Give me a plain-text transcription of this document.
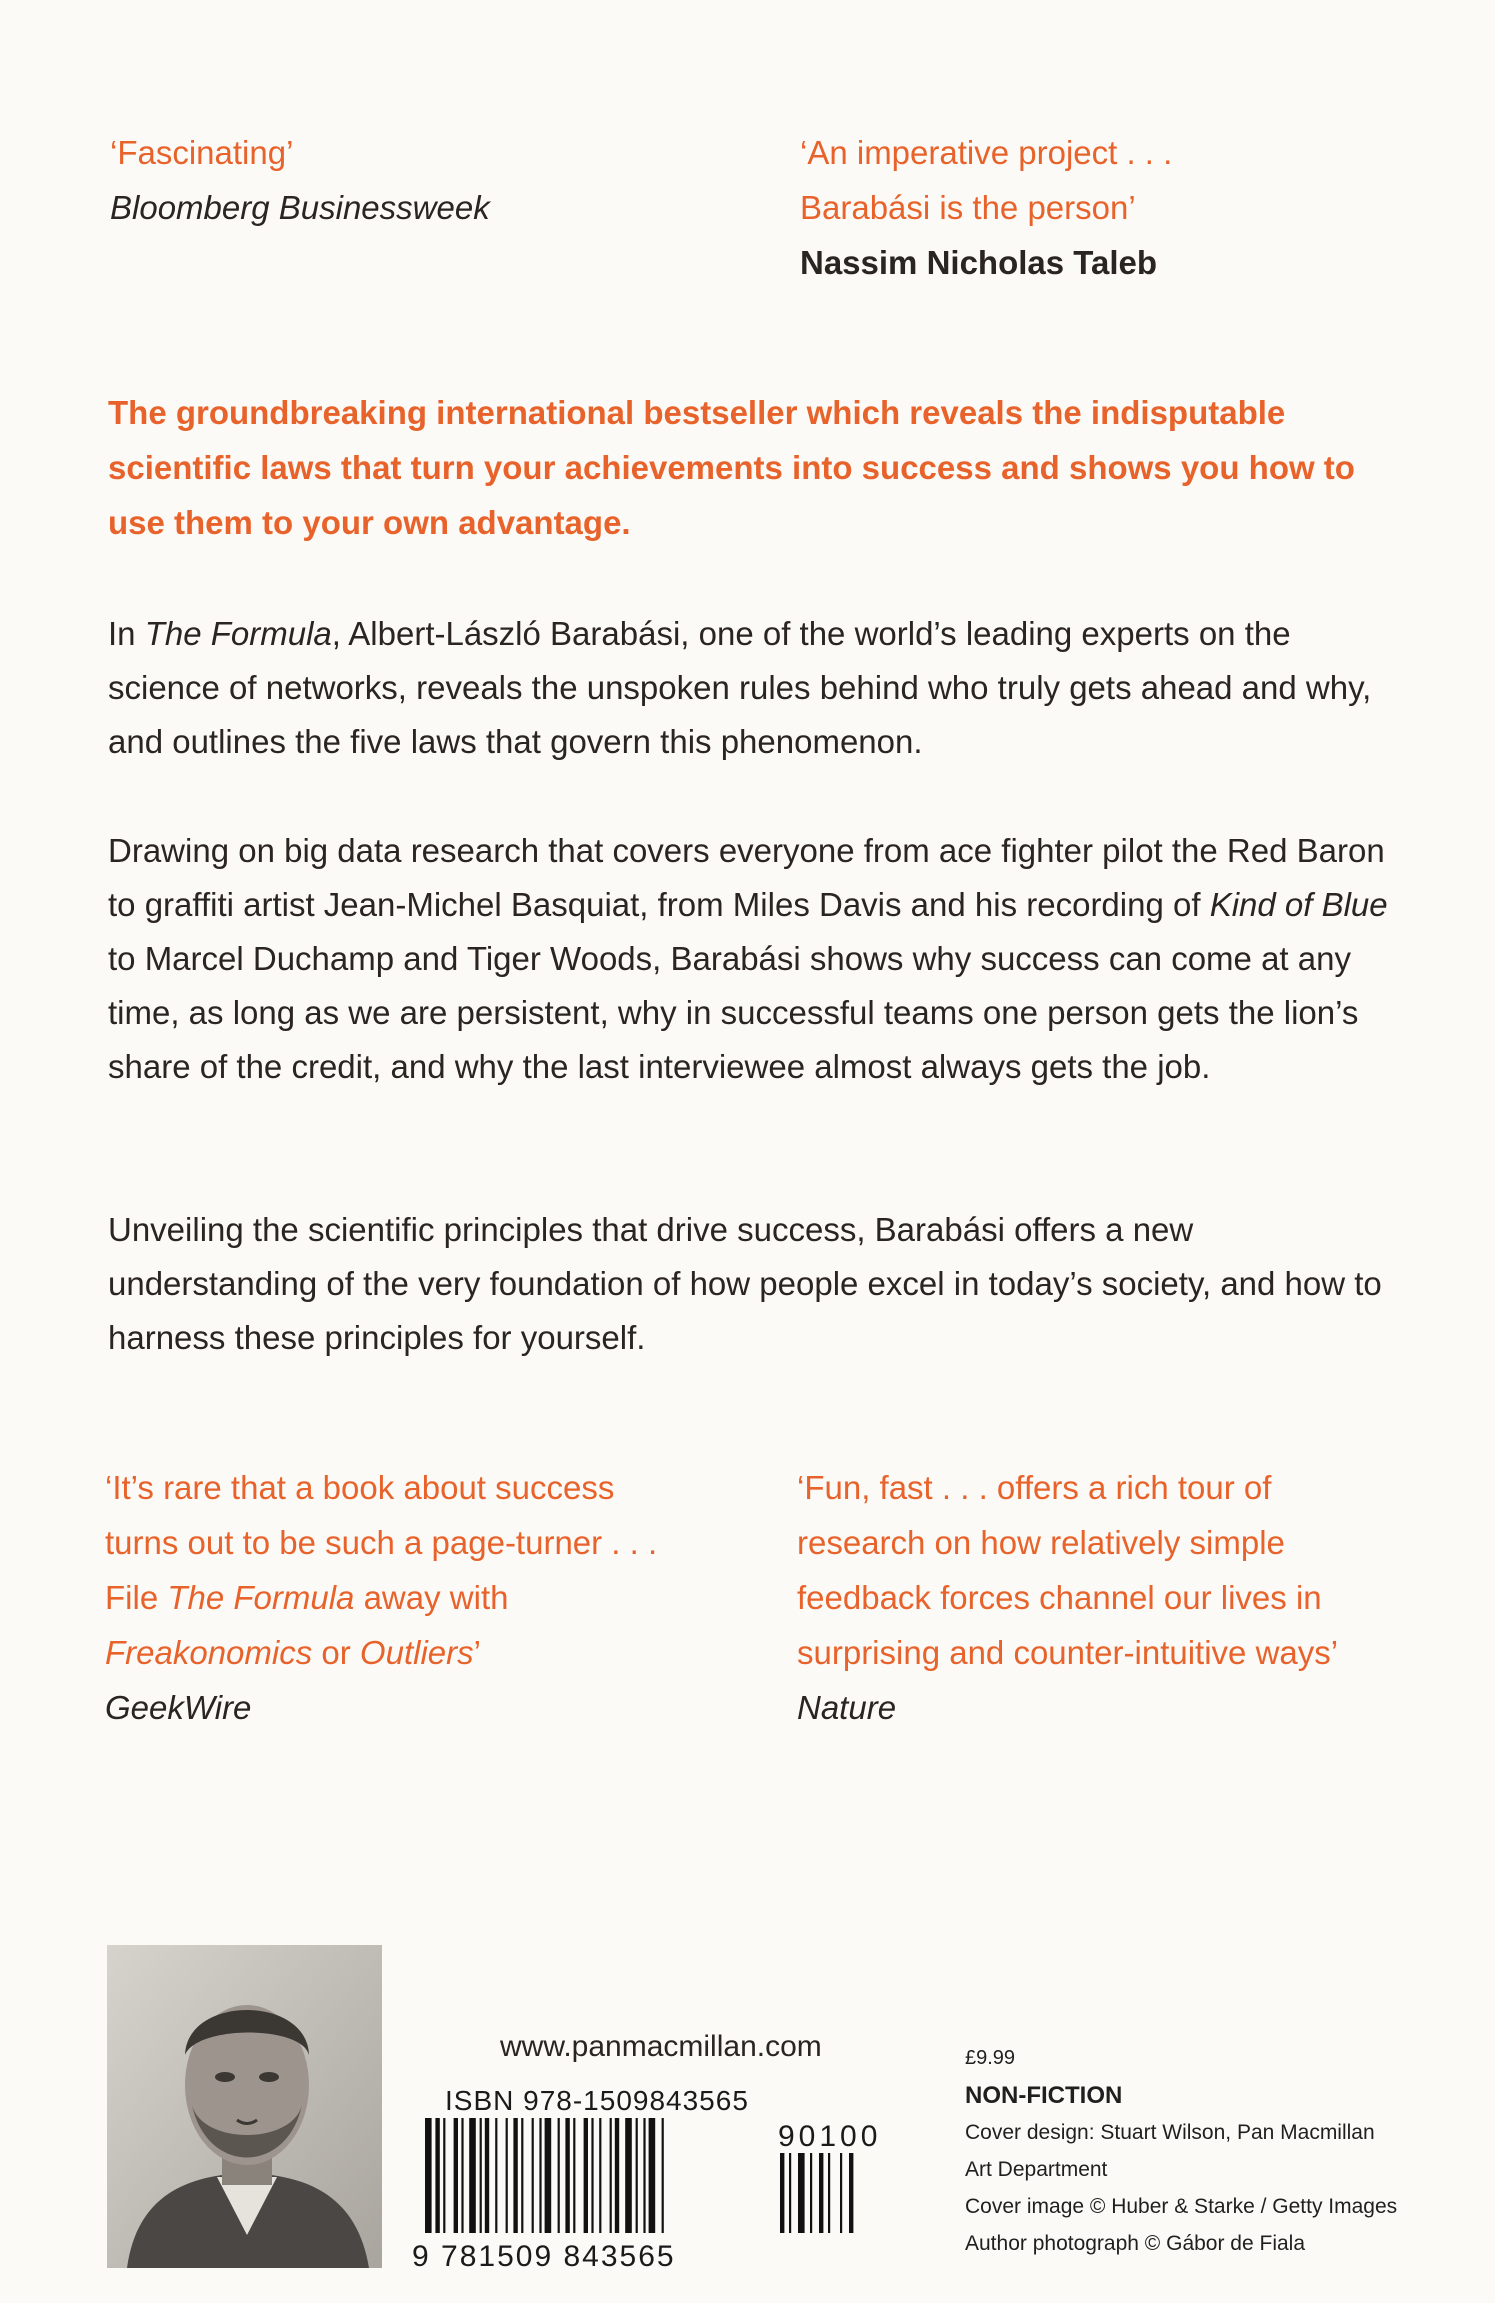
‘Fascinating’
Bloomberg Businessweek
‘An imperative project . . .
Barabási is the person’
Nassim Nicholas Taleb
The groundbreaking international bestseller which reveals the indisputable scientific laws that turn your achievements into success and shows you how to use them to your own advantage.
In The Formula, Albert-László Barabási, one of the world’s leading experts on the science of networks, reveals the unspoken rules behind who truly gets ahead and why, and outlines the five laws that govern this phenomenon.
Drawing on big data research that covers everyone from ace fighter pilot the Red Baron to graffiti artist Jean-Michel Basquiat, from Miles Davis and his recording of Kind of Blue to Marcel Duchamp and Tiger Woods, Barabási shows why success can come at any time, as long as we are persistent, why in successful teams one person gets the lion’s share of the credit, and why the last interviewee almost always gets the job.
Unveiling the scientific principles that drive success, Barabási offers a new understanding of the very foundation of how people excel in today’s society, and how to harness these principles for yourself.
‘It’s rare that a book about success
turns out to be such a page-turner . . .
File The Formula away with
Freakonomics or Outliers’
GeekWire
‘Fun, fast . . . offers a rich tour of
research on how relatively simple
feedback forces channel our lives in
surprising and counter-intuitive ways’
Nature
www.panmacmillan.com
ISBN 978-1509843565
90100
9 781509 843565
£9.99
NON-FICTION
Cover design: Stuart Wilson, Pan Macmillan
Art Department
Cover image © Huber & Starke / Getty Images
Author photograph © Gábor de Fiala
